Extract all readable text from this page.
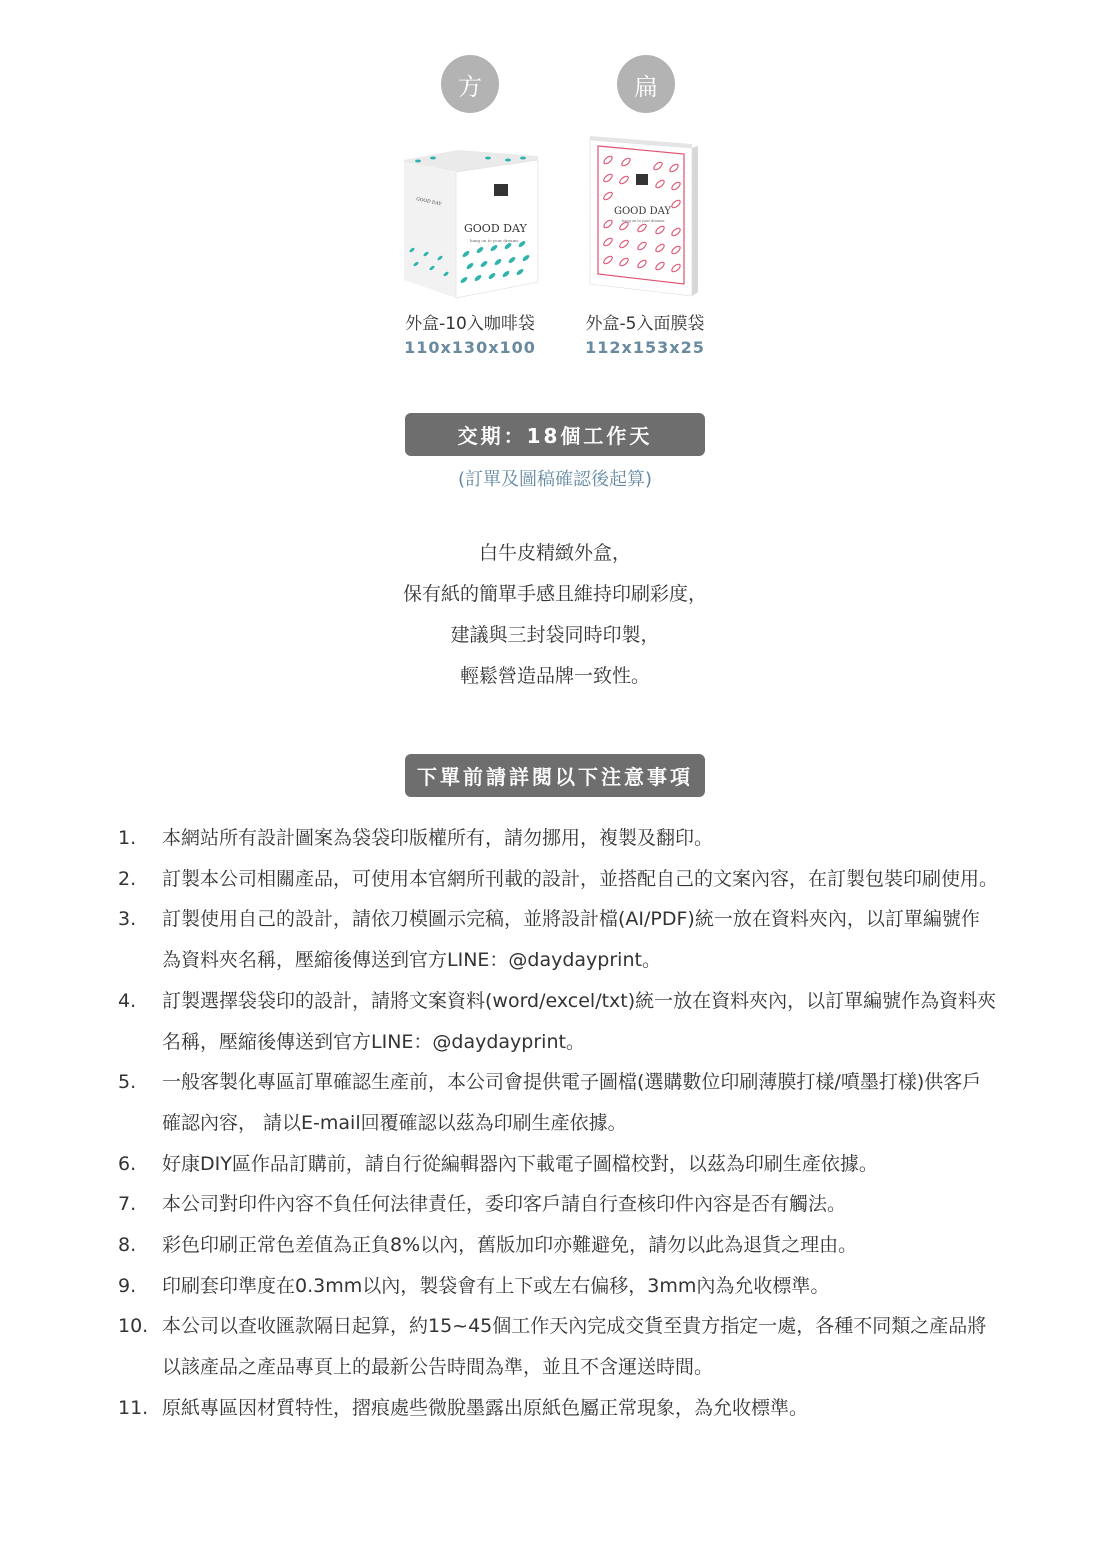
方	扁
GOOD DAY
hang on to your dreams
GOOD DAY
GOOD DAY
hang on to your dreams
外盒-10入咖啡袋
110x130x100
外盒-5入面膜袋
112x153x25
交期：18個工作天
(訂單及圖稿確認後起算)
白牛皮精緻外盒，
保有紙的簡單手感且維持印刷彩度，
建議與三封袋同時印製，
輕鬆營造品牌一致性。
下單前請詳閱以下注意事項
1. 本網站所有設計圖案為袋袋印版權所有，請勿挪用，複製及翻印。
2. 訂製本公司相關產品，可使用本官網所刊載的設計，並搭配自己的文案內容，在訂製包裝印刷使用。
3. 訂製使用自己的設計，請依刀模圖示完稿，並將設計檔(AI/PDF)統一放在資料夾內，以訂單編號作為資料夾名稱，壓縮後傳送到官方LINE：@daydayprint。
4. 訂製選擇袋袋印的設計，請將文案資料(word/excel/txt)統一放在資料夾內，以訂單編號作為資料夾名稱，壓縮後傳送到官方LINE：@daydayprint。
5. 一般客製化專區訂單確認生產前，本公司會提供電子圖檔(選購數位印刷薄膜打樣/噴墨打樣)供客戶確認內容， 請以E-mail回覆確認以茲為印刷生產依據。
6. 好康DIY區作品訂購前，請自行從編輯器內下載電子圖檔校對，以茲為印刷生產依據。
7. 本公司對印件內容不負任何法律責任，委印客戶請自行查核印件內容是否有觸法。
8. 彩色印刷正常色差值為正負8%以內，舊版加印亦難避免，請勿以此為退貨之理由。
9. 印刷套印準度在0.3mm以內，製袋會有上下或左右偏移，3mm內為允收標準。
10. 本公司以查收匯款隔日起算，約15~45個工作天內完成交貨至貴方指定一處，各種不同類之產品將以該產品之產品專頁上的最新公告時間為準，並且不含運送時間。
11. 原紙專區因材質特性，摺痕處些微脫墨露出原紙色屬正常現象，為允收標準。
